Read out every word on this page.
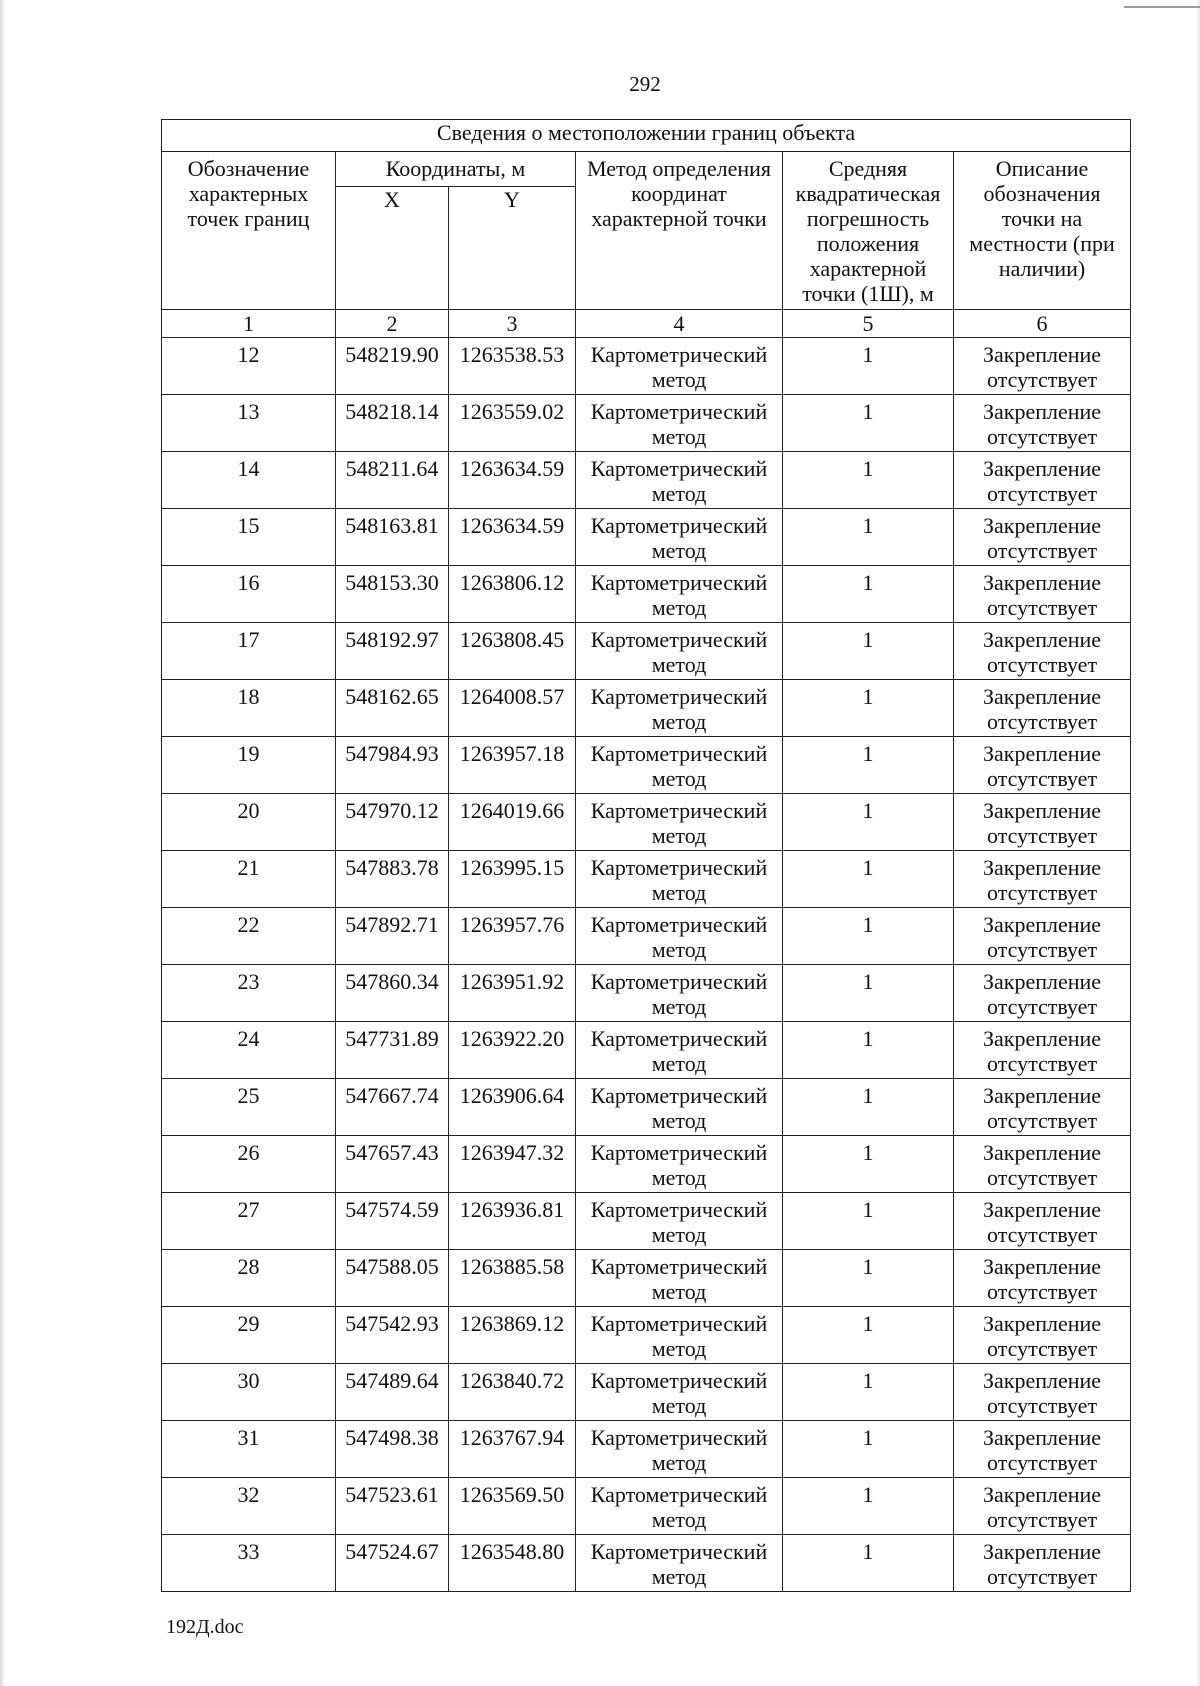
292
Сведения о местоположении границ объекта					
Обозначение характерных точек границ	Координаты, м		Метод определения координат характерной точки	Средняя квадратическая погрешность положения характерной точки (1Ш), м	Описание обозначения точки на местности (при наличии)
	X	Y			
1	2	3	4	5	6
12	548219.90	1263538.53	Картометрический метод	1	Закрепление отсутствует
13	548218.14	1263559.02	Картометрический метод	1	Закрепление отсутствует
14	548211.64	1263634.59	Картометрический метод	1	Закрепление отсутствует
15	548163.81	1263634.59	Картометрический метод	1	Закрепление отсутствует
16	548153.30	1263806.12	Картометрический метод	1	Закрепление отсутствует
17	548192.97	1263808.45	Картометрический метод	1	Закрепление отсутствует
18	548162.65	1264008.57	Картометрический метод	1	Закрепление отсутствует
19	547984.93	1263957.18	Картометрический метод	1	Закрепление отсутствует
20	547970.12	1264019.66	Картометрический метод	1	Закрепление отсутствует
21	547883.78	1263995.15	Картометрический метод	1	Закрепление отсутствует
22	547892.71	1263957.76	Картометрический метод	1	Закрепление отсутствует
23	547860.34	1263951.92	Картометрический метод	1	Закрепление отсутствует
24	547731.89	1263922.20	Картометрический метод	1	Закрепление отсутствует
25	547667.74	1263906.64	Картометрический метод	1	Закрепление отсутствует
26	547657.43	1263947.32	Картометрический метод	1	Закрепление отсутствует
27	547574.59	1263936.81	Картометрический метод	1	Закрепление отсутствует
28	547588.05	1263885.58	Картометрический метод	1	Закрепление отсутствует
29	547542.93	1263869.12	Картометрический метод	1	Закрепление отсутствует
30	547489.64	1263840.72	Картометрический метод	1	Закрепление отсутствует
31	547498.38	1263767.94	Картометрический метод	1	Закрепление отсутствует
32	547523.61	1263569.50	Картометрический метод	1	Закрепление отсутствует
33	547524.67	1263548.80	Картометрический метод	1	Закрепление отсутствует
192Д.doc
